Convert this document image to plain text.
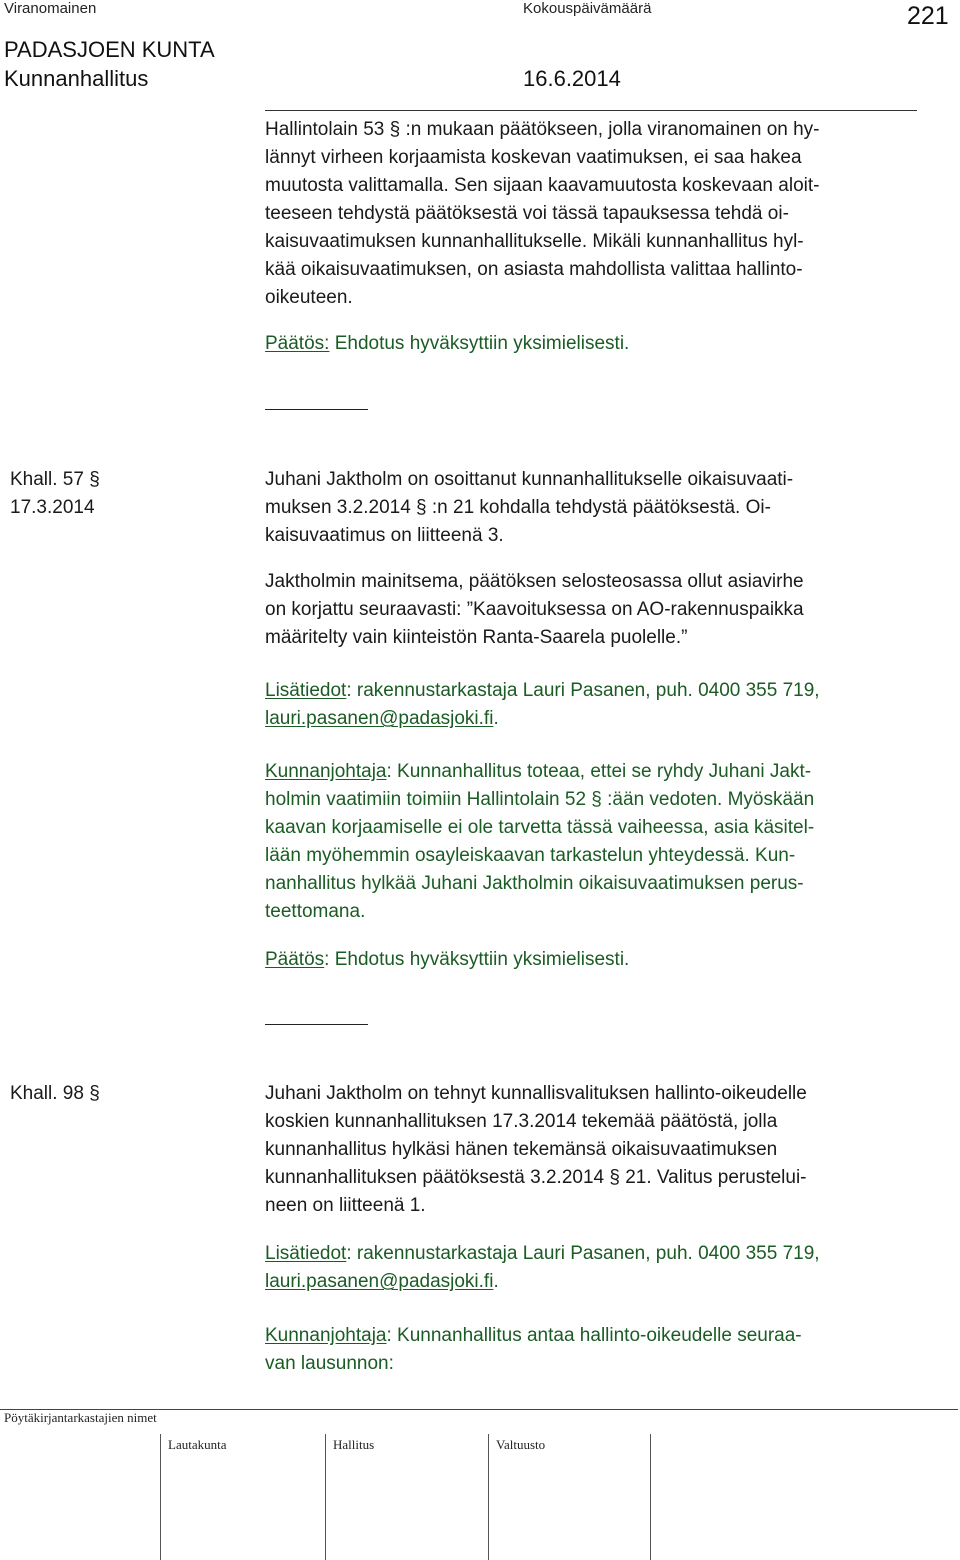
Viranomainen	Kokouspäivämäärä	221
PADASJOEN KUNTA
Kunnanhallitus	16.6.2014
Hallintolain 53 § :n mukaan päätökseen, jolla viranomainen on hy-
lännyt virheen korjaamista koskevan vaatimuksen, ei saa hakea
muutosta valittamalla. Sen sijaan kaavamuutosta koskevaan aloit-
teeseen tehdystä päätöksestä voi tässä tapauksessa tehdä oi-
kaisuvaatimuksen kunnanhallitukselle. Mikäli kunnanhallitus hyl-
kää oikaisuvaatimuksen, on asiasta mahdollista valittaa hallinto-
oikeuteen.
Päätös: Ehdotus hyväksyttiin yksimielisesti.
Khall. 57 §
17.3.2014
Juhani Jaktholm on osoittanut kunnanhallitukselle oikaisuvaati-
muksen 3.2.2014 § :n 21 kohdalla tehdystä päätöksestä. Oi-
kaisuvaatimus on liitteenä 3.
Jaktholmin mainitsema, päätöksen selosteosassa ollut asiavirhe
on korjattu seuraavasti: ”Kaavoituksessa on AO-rakennuspaikka
määritelty vain kiinteistön Ranta-Saarela puolelle.”
Lisätiedot: rakennustarkastaja Lauri Pasanen, puh. 0400 355 719,
lauri.pasanen@padasjoki.fi.
Kunnanjohtaja: Kunnanhallitus toteaa, ettei se ryhdy Juhani Jakt-
holmin vaatimiin toimiin Hallintolain 52 § :ään vedoten. Myöskään
kaavan korjaamiselle ei ole tarvetta tässä vaiheessa, asia käsitel-
lään myöhemmin osayleiskaavan tarkastelun yhteydessä. Kun-
nanhallitus hylkää Juhani Jaktholmin oikaisuvaatimuksen perus-
teettomana.
Päätös: Ehdotus hyväksyttiin yksimielisesti.
Khall. 98 §	Juhani Jaktholm on tehnyt kunnallisvalituksen hallinto-oikeudelle
koskien kunnanhallituksen 17.3.2014 tekemää päätöstä, jolla
kunnanhallitus hylkäsi hänen tekemänsä oikaisuvaatimuksen
kunnanhallituksen päätöksestä 3.2.2014 § 21. Valitus perustelui-
neen on liitteenä 1.
Lisätiedot: rakennustarkastaja Lauri Pasanen, puh. 0400 355 719,
lauri.pasanen@padasjoki.fi.
Kunnanjohtaja: Kunnanhallitus antaa hallinto-oikeudelle seuraa-
van lausunnon:
Pöytäkirjantarkastajien nimet
Lautakunta	Hallitus	Valtuusto
